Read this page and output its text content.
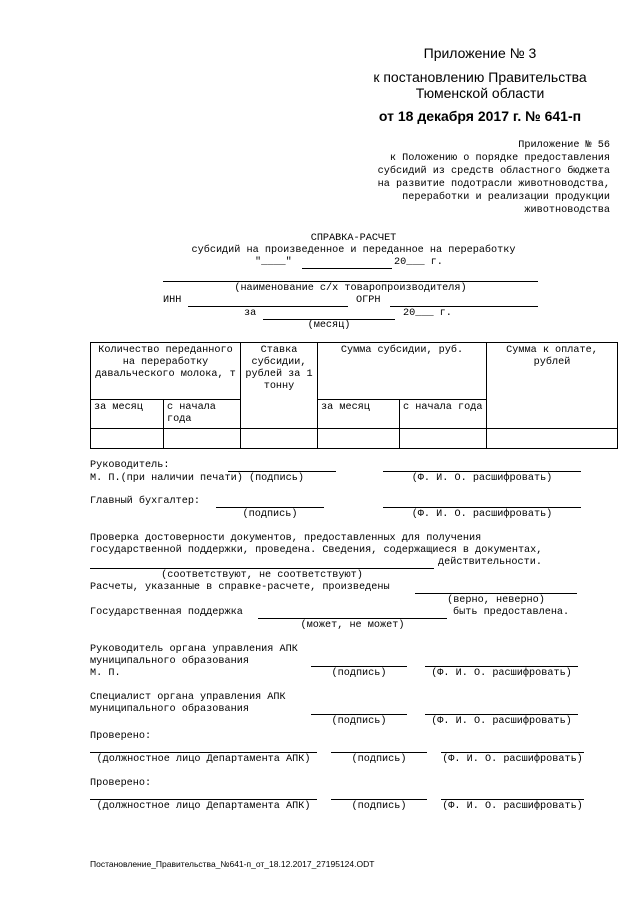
Приложение № 3
к постановлению Правительства
Тюменской области
от 18 декабря 2017 г. № 641-п
Приложение № 56
к Положению о порядке предоставления
субсидий из средств областного бюджета
на развитие подотрасли животноводства,
переработки и реализации продукции
животноводства
СПРАВКА-РАСЧЕТ
субсидий на произведенное и переданное на переработку
"____"	20___ г.
(наименование с/х товаропроизводителя)
ИНН	ОГРН
за	20___ г.
(месяц)
Количество переданного на переработку давальческого молока, т		Ставка субсидии, рублей за 1 тонну	Сумма субсидии, руб.		Сумма к оплате, рублей
за месяц	с начала года		за месяц	с начала года	

Руководитель:
М. П.(при наличии печати) (подпись)	(Ф. И. О. расшифровать)
Главный бухгалтер:
(подпись)	(Ф. И. О. расшифровать)
Проверка достоверности документов, предоставленных для получения
государственной поддержки, проведена. Сведения, содержащиеся в документах,
действительности.
(соответствуют, не соответствуют)
Расчеты, указанные в справке-расчете, произведены
(верно, неверно)
Государственная поддержка	быть предоставлена.
(может, не может)
Руководитель органа управления АПК
муниципального образования
М. П.	(подпись)	(Ф. И. О. расшифровать)
Специалист органа управления АПК
муниципального образования
(подпись)	(Ф. И. О. расшифровать)
Проверено:
(должностное лицо Департамента АПК)	(подпись)	(Ф. И. О. расшифровать)
Проверено:
(должностное лицо Департамента АПК)	(подпись)	(Ф. И. О. расшифровать)
Постановление_Правительства_№641-п_от_18.12.2017_27195124.ODT
